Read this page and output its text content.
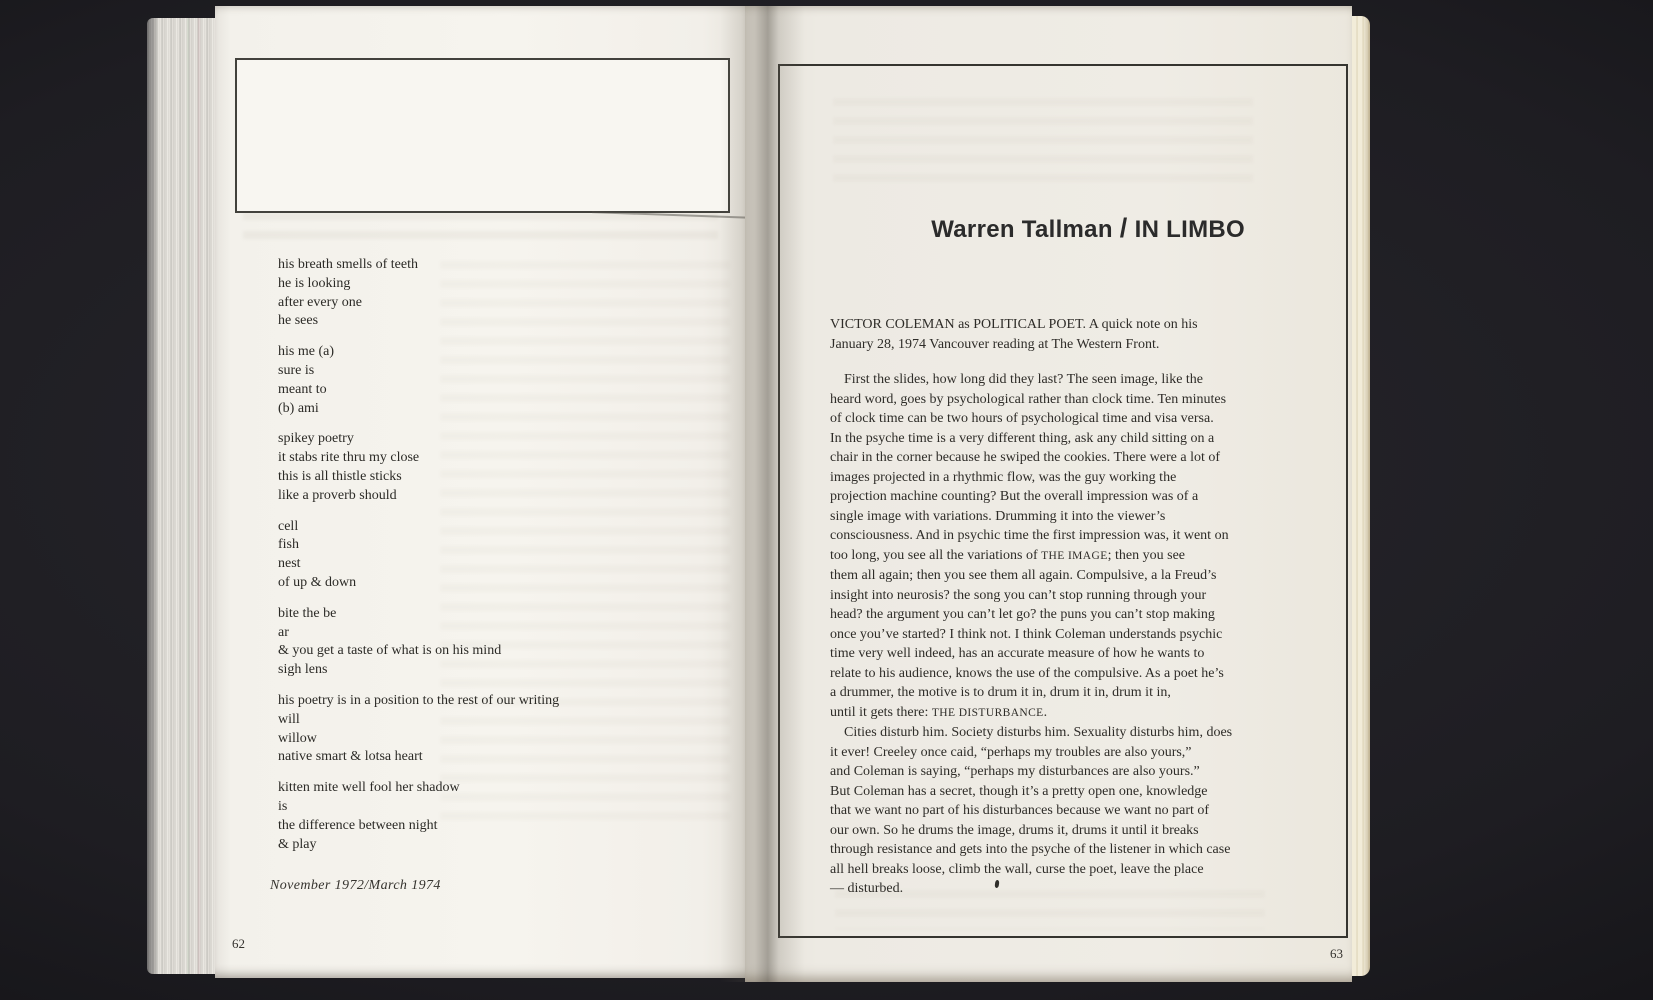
his breath smells of teeth
he is looking
after every one
he sees
his me (a)
sure is
meant to
(b) ami
spikey poetry
it stabs rite thru my close
this is all thistle sticks
like a proverb should
cell
fish
nest
of up & down
bite the be
ar
& you get a taste of what is on his mind
sigh lens
his poetry is in a position to the rest of our writing
will
willow
native smart & lotsa heart
kitten mite well fool her shadow
is
the difference between night
& play
November 1972/March 1974
62
Warren Tallman / IN LIMBO
VICTOR COLEMAN as POLITICAL POET. A quick note on his
January 28, 1974 Vancouver reading at The Western Front.
First the slides, how long did they last? The seen image, like the
heard word, goes by psychological rather than clock time. Ten minutes
of clock time can be two hours of psychological time and visa versa.
In the psyche time is a very different thing, ask any child sitting on a
chair in the corner because he swiped the cookies. There were a lot of
images projected in a rhythmic flow, was the guy working the
projection machine counting? But the overall impression was of a
single image with variations. Drumming it into the viewer’s
consciousness. And in psychic time the first impression was, it went on
too long, you see all the variations of THE IMAGE; then you see
them all again; then you see them all again. Compulsive, a la Freud’s
insight into neurosis? the song you can’t stop running through your
head? the argument you can’t let go? the puns you can’t stop making
once you’ve started? I think not. I think Coleman understands psychic
time very well indeed, has an accurate measure of how he wants to
relate to his audience, knows the use of the compulsive. As a poet he’s
a drummer, the motive is to drum it in, drum it in, drum it in,
until it gets there: THE DISTURBANCE.
Cities disturb him. Society disturbs him. Sexuality disturbs him, does
it ever! Creeley once caid, “perhaps my troubles are also yours,”
and Coleman is saying, “perhaps my disturbances are also yours.”
But Coleman has a secret, though it’s a pretty open one, knowledge
that we want no part of his disturbances because we want no part of
our own. So he drums the image, drums it, drums it until it breaks
through resistance and gets into the psyche of the listener in which case
all hell breaks loose, climb the wall, curse the poet, leave the place
— disturbed.
63
